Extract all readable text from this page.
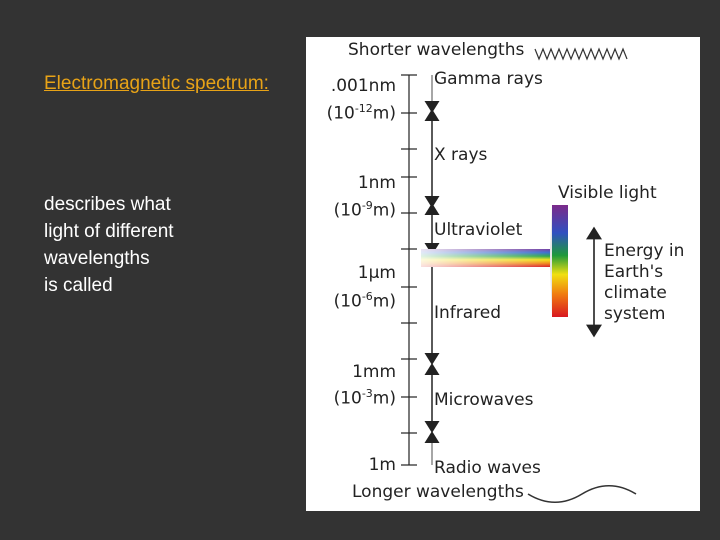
Electromagnetic spectrum:
describes what
light of different
wavelengths
is called
Shorter wavelengths
Longer wavelengths
.001nm
$(10^{-12}m)$
1nm
$(10^{-9}m)$
1μm
$(10^{-6}m)$
1mm
$(10^{-3}m)$
1m
Gamma rays
X rays
Ultraviolet
Infrared
Microwaves
Radio waves
Visible light
Energy in
Earth's
climate
system
